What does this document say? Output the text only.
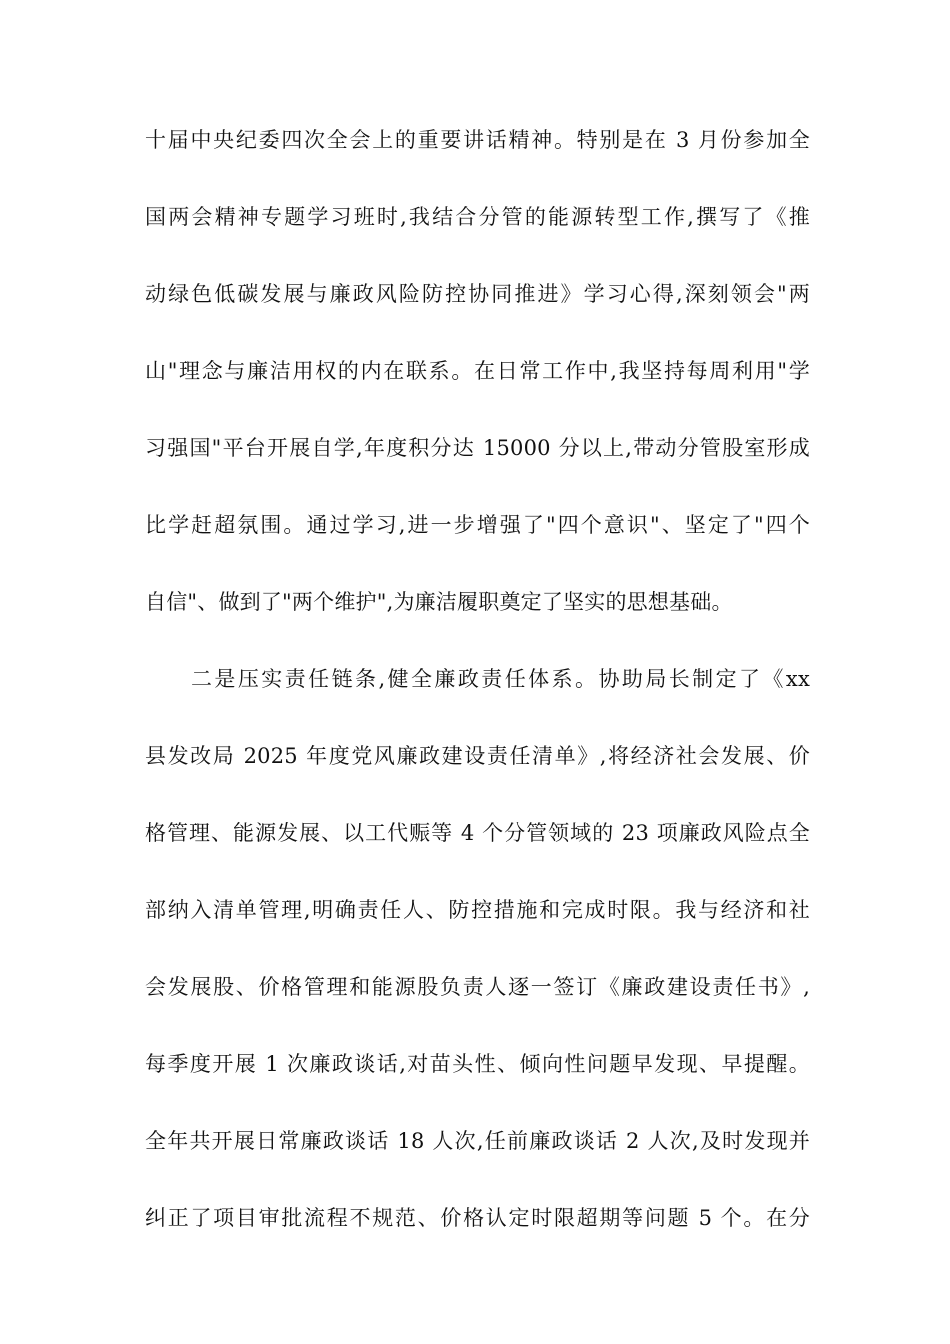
十届中央纪委四次全会上的重要讲话精神。特别是在 3 月份参加全
国两会精神专题学习班时,我结合分管的能源转型工作,撰写了《推
动绿色低碳发展与廉政风险防控协同推进》学习心得,深刻领会"两
山"理念与廉洁用权的内在联系。在日常工作中,我坚持每周利用"学
习强国"平台开展自学,年度积分达 15000 分以上,带动分管股室形成
比学赶超氛围。通过学习,进一步增强了"四个意识"、坚定了"四个
自信"、做到了"两个维护",为廉洁履职奠定了坚实的思想基础。
二是压实责任链条,健全廉政责任体系。协助局长制定了《xx
县发改局 2025 年度党风廉政建设责任清单》,将经济社会发展、价
格管理、能源发展、以工代赈等 4 个分管领域的 23 项廉政风险点全
部纳入清单管理,明确责任人、防控措施和完成时限。我与经济和社
会发展股、价格管理和能源股负责人逐一签订《廉政建设责任书》,
每季度开展 1 次廉政谈话,对苗头性、倾向性问题早发现、早提醒。
全年共开展日常廉政谈话 18 人次,任前廉政谈话 2 人次,及时发现并
纠正了项目审批流程不规范、价格认定时限超期等问题 5 个。在分
